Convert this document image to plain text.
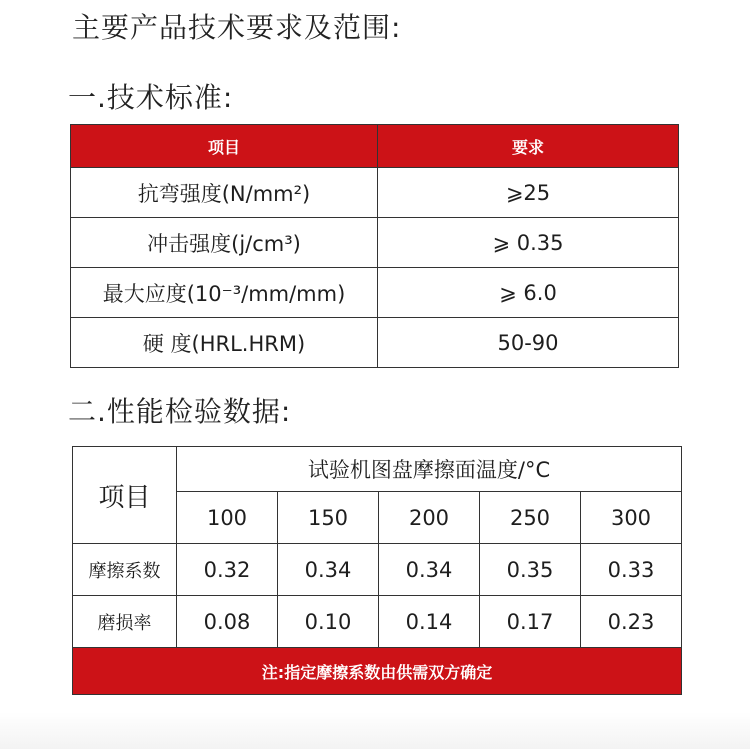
主要产品技术要求及范围:
一.技术标准:
项目	要求
抗弯强度(N/mm²)	⩾25
冲击强度(j/cm³)	⩾ 0.35
最大应度(10⁻³/mm/mm)	⩾ 6.0
硬 度(HRL.HRM)	50-90
二.性能检验数据:
项目	试验机图盘摩擦面温度/°C				
	100	150	200	250	300
摩擦系数	0.32	0.34	0.34	0.35	0.33
磨损率	0.08	0.10	0.14	0.17	0.23
注:指定摩擦系数由供需双方确定					
